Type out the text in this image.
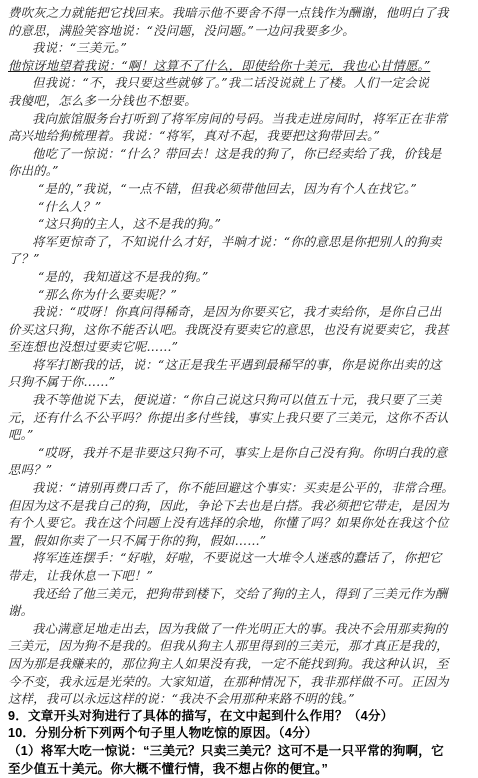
费吹灰之力就能把它找回来。我暗示他不要舍不得一点钱作为酬谢，他明白了我
的意思，满脸笑容地说：“没问题，没问题。”一边问我要多少。
我说：“三美元。”
他惊讶地望着我说：“啊！这算不了什么，即使给你十美元，我也心甘情愿。”
但我说：“不，我只要这些就够了。”我二话没说就上了楼。人们一定会说
我傻吧，怎么多一分钱也不想要。
我向旅馆服务台打听到了将军房间的号码。当我走进房间时，将军正在非常
高兴地给狗梳理着。我说：“将军，真对不起，我要把这狗带回去。”
他吃了一惊说：“什么？带回去！这是我的狗了，你已经卖给了我，价钱是
你出的。”
“是的，”我说，“一点不错，但我必须带他回去，因为有个人在找它。”
“什么人？”
“这只狗的主人，这不是我的狗。”
将军更惊奇了，不知说什么才好，半晌才说：“你的意思是你把别人的狗卖
了？”
“是的，我知道这不是我的狗。”
“那么你为什么要卖呢？”
我说：“哎呀！你真问得稀奇，是因为你要买它，我才卖给你，是你自己出
价买这只狗，这你不能否认吧。我既没有要卖它的意思，也没有说要卖它，我甚
至连想也没想过要卖它呢……”
将军打断我的话，说：“这正是我生平遇到最稀罕的事，你是说你出卖的这
只狗不属于你……”
我不等他说下去，便说道：“你自己说这只狗可以值五十元，我只要了三美
元，还有什么不公平吗？你提出多付些钱，事实上我只要了三美元，这你不否认
吧。”
“哎呀，我并不是非要这只狗不可，事实上是你自己没有狗。你明白我的意
思吗？”
我说：“请别再费口舌了，你不能回避这个事实：买卖是公平的，非常合理。
但因为这不是我自己的狗，因此，争论下去也是白搭。我必须把它带走，是因为
有个人要它。我在这个问题上没有选择的余地，你懂了吗？如果你处在我这个位
置，假如你卖了一只不属于你的狗，假如……”
将军连连摆手：“好啦，好啦，不要说这一大堆令人迷惑的蠢话了，你把它
带走，让我休息一下吧！”
我还给了他三美元，把狗带到楼下，交给了狗的主人，得到了三美元作为酬
谢。
我心满意足地走出去，因为我做了一件光明正大的事。我决不会用那卖狗的
三美元，因为狗不是我的。但我从狗主人那里得到的三美元，那才真正是我的，
因为那是我赚来的，那位狗主人如果没有我，一定不能找到狗。我这种认识，至
今不变，我永远是光荣的。大家知道，在那种情况下，我非那样做不可。正因为
这样，我可以永远这样的说：“我决不会用那种来路不明的钱。”
9．文章开头对狗进行了具体的描写，在文中起到什么作用？（4分）
10．分别分析下列两个句子里人物吃惊的原因。（4分）
（1）将军大吃一惊说：“三美元？只卖三美元？这可不是一只平常的狗啊，它
至少值五十美元。你大概不懂行情，我不想占你的便宜。”
